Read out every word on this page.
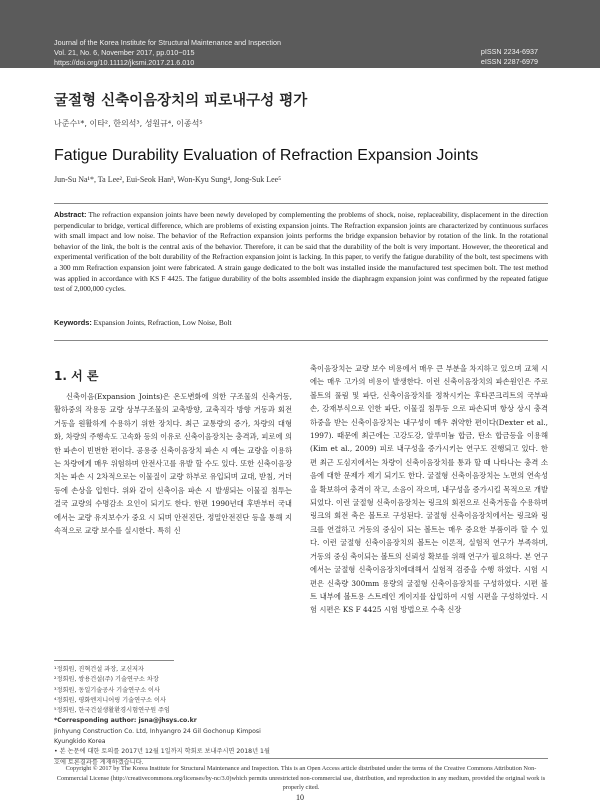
Journal of the Korea Institute for Structural Maintenance and Inspection
Vol. 21, No. 6, November 2017, pp.010~015
https://doi.org/10.11112/jksmi.2017.21.6.010
pISSN 2234-6937
eISSN 2287-6979
굴절형 신축이음장치의 피로내구성 평가
나준수¹*, 이타², 한의석³, 성원규⁴, 이종석⁵
Fatigue Durability Evaluation of Refraction Expansion Joints
Jun-Su Na¹*, Ta Lee², Eui-Seok Han³, Won-Kyu Sung⁴, Jong-Suk Lee⁵
Abstract: The refraction expansion joints have been newly developed by complementing the problems of shock, noise, replaceability, displacement in the direction perpendicular to bridge, vertical difference, which are problems of existing expansion joints. The Refraction expansion joints are characterized by continuous surfaces with small impact and low noise. The behavior of the Refraction expansion joints performs the bridge expansion behavior by rotation of the link. In the rotational behavior of the link, the bolt is the central axis of the behavior. Therefore, it can be said that the durability of the bolt is very important. However, the theoretical and experimental verification of the bolt durability of the Refraction expansion joint is lacking. In this paper, to verify the fatigue durability of the bolt, test specimens with a 300 mm Refraction expansion joint were fabricated. A strain gauge dedicated to the bolt was installed inside the manufactured test specimen bolt. The test method was applied in accordance with KS F 4425. The fatigue durability of the bolts assembled inside the diaphragm expansion joint was confirmed by the repeated fatigue test of 2,000,000 cycles.
Keywords: Expansion Joints, Refraction, Low Noise, Bolt
1. 서 론

신축이음(Expansion Joints)은 온도변화에 의한 구조물의 신축거동, 활하중의 작용등 교량 상부구조물의 교축방향, 교축직각 방향 거동과 회전 거동을 원활하게 수용하기 위한 장치다. 최근 교통량의 증가, 차량의 대형화, 차량의 주행속도 고속화 등의 이유로 신축이음장치는 충격과, 피로에 의한 파손이 빈번한 편이다. 공용중 신축이음장치 파손 시 예는 교량을 이용하는 차량에게 매우 위험하며 안전사고를 유발 할 수도 있다. 또한 신축이음장치는 파손 시 2차적으로는 이물질이 교량 하부로 유입되며 교대, 받침, 거더 등에 손상을 입힌다. 위와 같이 신축이음 파손 시 발생되는 이물질 침투는 결국 교량의 수명감소 요인이 되기도 한다. 한편 1990년대 후반부터 국내에서는 교량 유지보수가 중요 시 되며 안전진단, 정밀안전진단 등을 통해 지속적으로 교량 보수를 실시한다. 특히 신

축이음장치는 교량 보수 비용에서 매우 큰 부분을 차지하고 있으며 교체 시 에는 매우 고가의 비용이 발생한다. 이런 신축이음장치의 파손원인은 주로 볼트의 풀림 및 파단, 신축이음장치를 정착시키는 후타콘크리트의 국부파손, 강재부식으로 인한 파단, 이물질 침투등 으로 파손되며 항상 상시 충격 하중을 받는 신축이음장치는 내구성이 매우 취약한 편이다(Dexter et al., 1997). 때문에 최근에는 고강도강, 알루미늄 합금, 탄소 합금등을 이용해(Kim et al., 2009) 피로 내구성을 증가시키는 연구도 진행되고 있다. 한편 최근 도심지에서는 차량이 신축이음장치를 통과 할 때 나타나는 충격 소음에 대한 문제가 제기 되기도 한다. 굴절형 신축이음장치는 노면의 연속성을 확보하여 충격이 작고, 소음이 작으며, 내구성을 증가시킬 목적으로 개발 되었다. 이런 굴절형 신축이음장치는 링크의 회전으로 신축거동을 수용하며 링크의 회전 축은 볼트로 구성된다. 굴절형 신축이음장치에서는 링크와 링크를 연결하고 거동의 중심이 되는 볼트는 매우 중요한 부품이라 할 수 있다. 이런 굴절형 신축이음장치의 볼트는 이론적, 실험적 연구가 부족하며, 거동의 중심 축이되는 볼트의 신뢰성 확보를 위해 연구가 필요하다. 본 연구에서는 굴절형 신축이음장치에대해서 실험적 검증을 수행 하였다. 시험 시편은 신축량 300mm 용량의 굴절형 신축이음장치를 구성하였다. 시편 볼트 내부에 볼트용 스트레인 게이지를 삽입하여 시험 시편을 구성하였다. 시험 시편은 KS F 4425 시험 방법으로 수축 신장

¹정회원, 진혁건설 과장, 교신저자
²정회원, 쌍용건설(주) 기술연구소 차장
³정회원, 동일기술공사 기술연구소 이사
⁴정회원, 평화엔지니어링 기술연구소 이사
⁵정회원, 한국건설생활환경시험연구원 주임
*Corresponding author: jsna@jhsys.co.kr
Jinhyung Construction Co. Ltd, Inhyangro 24 Gil Gochonup Kimposi
Kyungkido Korea
• 본 논문에 대한 토의를 2017년 12월 1일까지 학회로 보내주시면 2018년 1월
호에 토론결과를 게재하겠습니다.
Copyright © 2017 by The Korea Institute for Structural Maintenance and Inspection. This is an Open Access article distributed under the terms of the Creative Commons Attribution Non-Commercial License (http://creativecommons.org/licenses/by-nc/3.0)which permits unrestricted non-commercial use, distribution, and reproduction in any medium, provided the original work is properly cited.
10
